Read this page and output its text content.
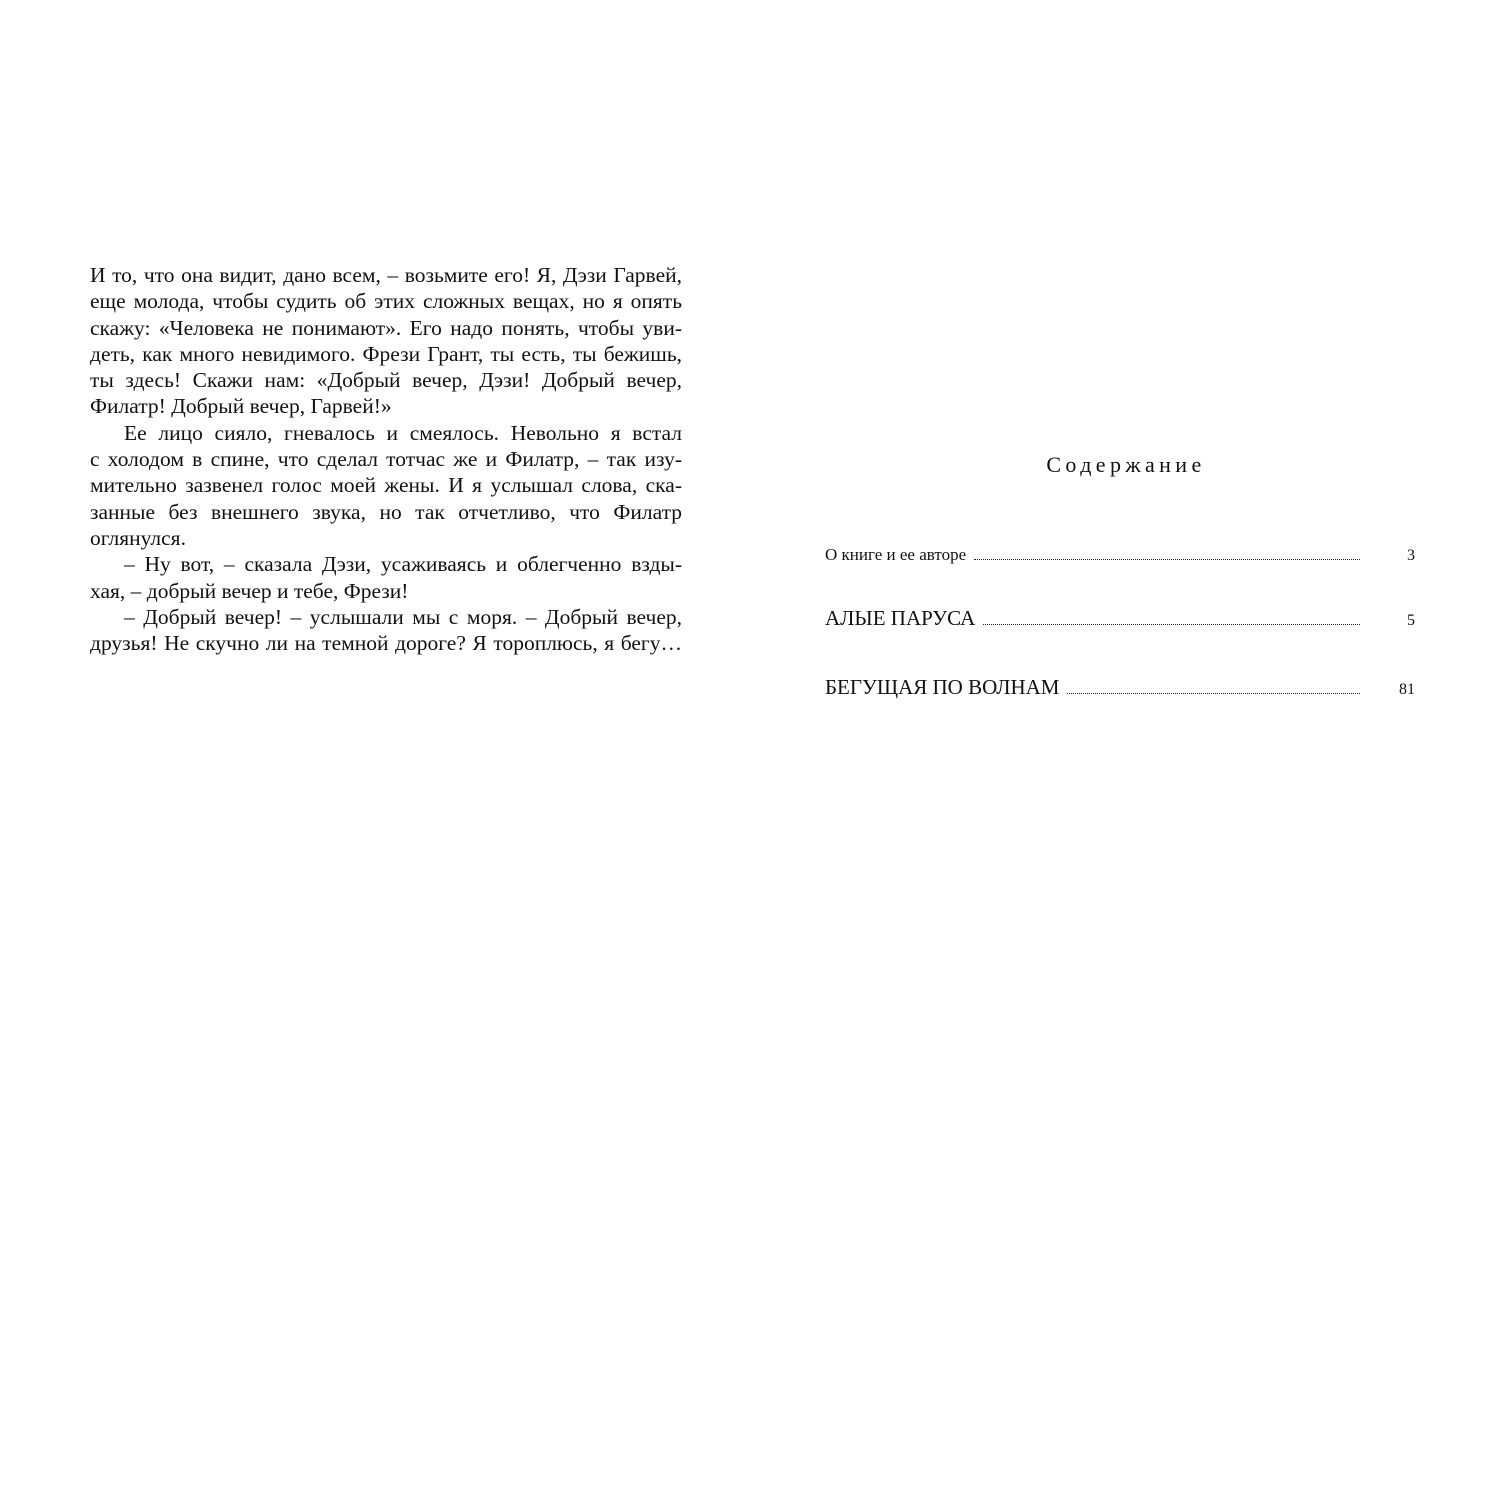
И то, что она видит, дано всем, – возьмите его! Я, Дэзи Гарвей,
еще молода, чтобы судить об этих сложных вещах, но я опять
скажу: «Человека не понимают». Его надо понять, чтобы уви-
деть, как много невидимого. Фрези Грант, ты есть, ты бежишь,
ты здесь! Скажи нам: «Добрый вечер, Дэзи! Добрый вечер,
Филатр! Добрый вечер, Гарвей!»
Ее лицо сияло, гневалось и смеялось. Невольно я встал
с холодом в спине, что сделал тотчас же и Филатр, – так изу-
мительно зазвенел голос моей жены. И я услышал слова, ска-
занные без внешнего звука, но так отчетливо, что Филатр
оглянулся.
– Ну вот, – сказала Дэзи, усаживаясь и облегченно взды-
хая, – добрый вечер и тебе, Фрези!
– Добрый вечер! – услышали мы с моря. – Добрый вечер,
друзья! Не скучно ли на темной дороге? Я тороплюсь, я бегу…
Содержание
О книге и ее авторе	3
АЛЫЕ ПАРУСА	5
БЕГУЩАЯ ПО ВОЛНАМ	81
